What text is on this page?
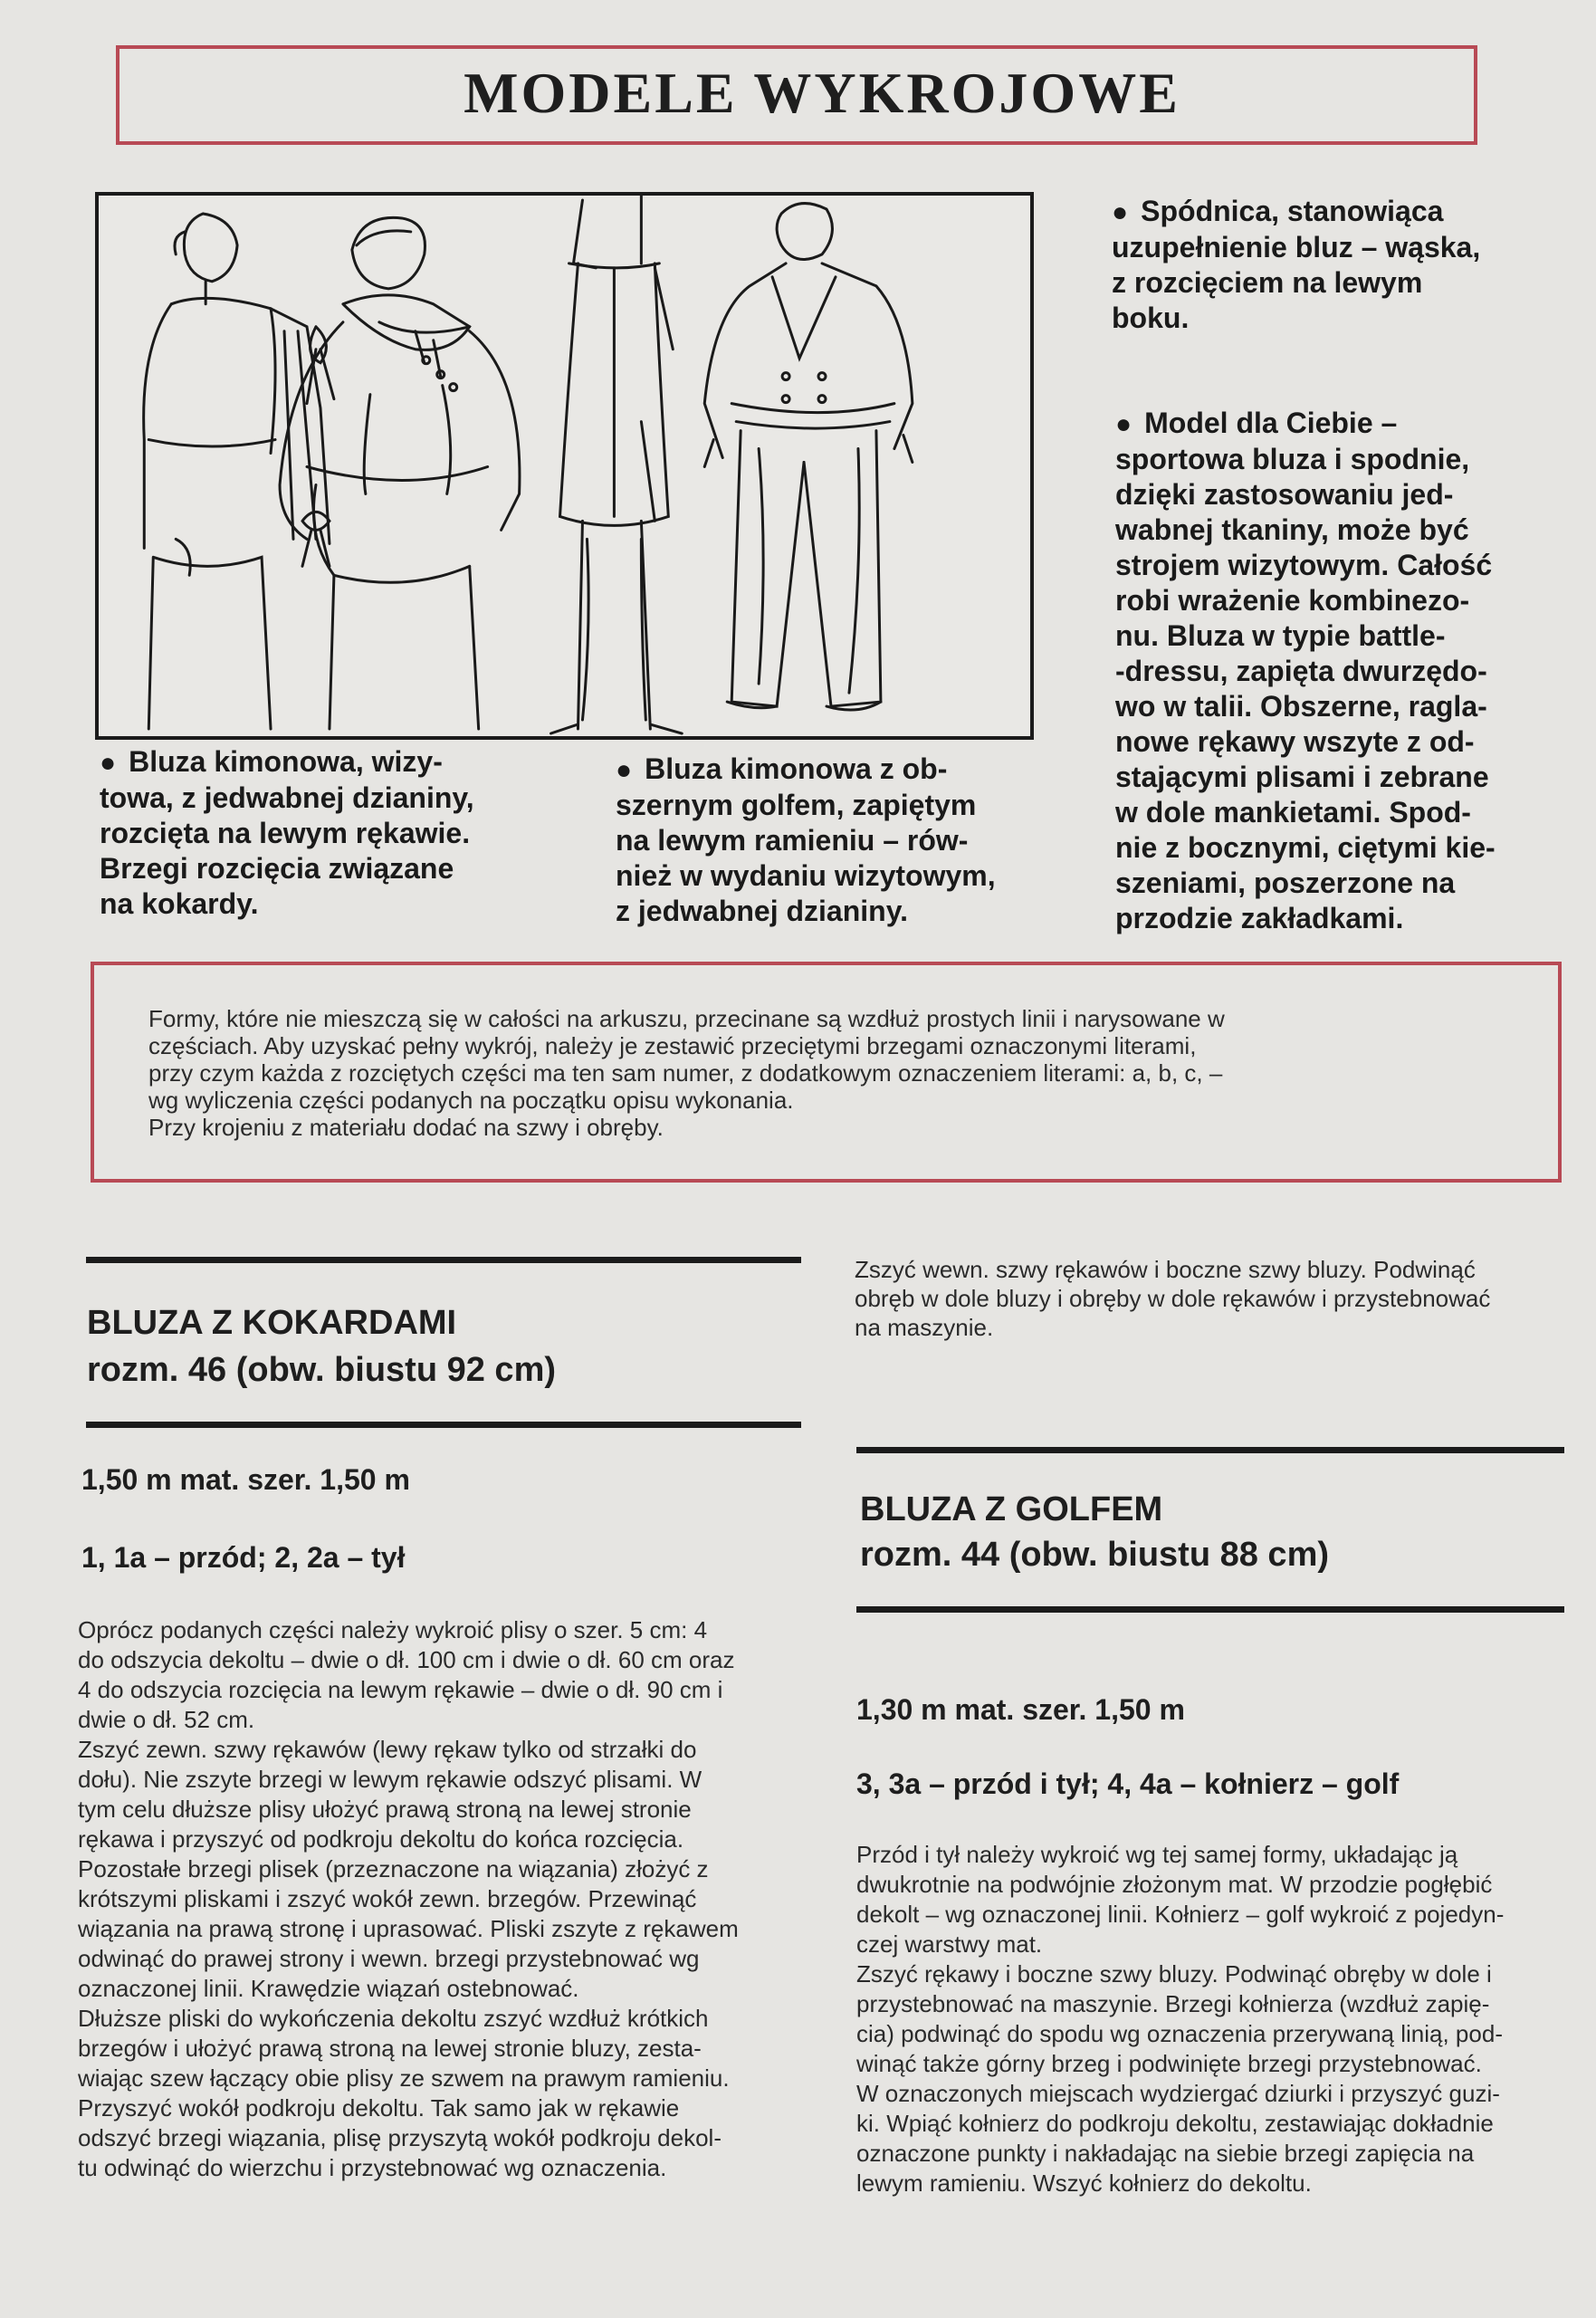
MODELE WYKROJOWE
● Bluza kimonowa, wizy-
towa, z jedwabnej dzianiny,
rozcięta na lewym rękawie.
Brzegi rozcięcia związane
na kokardy.
● Bluza kimonowa z ob-
szernym golfem, zapiętym
na lewym ramieniu – rów-
nież w wydaniu wizytowym,
z jedwabnej dzianiny.
● Spódnica, stanowiąca
uzupełnienie bluz – wąska,
z rozcięciem na lewym
boku.
● Model dla Ciebie –
sportowa bluza i spodnie,
dzięki zastosowaniu jed-
wabnej tkaniny, może być
strojem wizytowym. Całość
robi wrażenie kombinezo-
nu. Bluza w typie battle-
-dressu, zapięta dwurzędo-
wo w talii. Obszerne, ragla-
nowe rękawy wszyte z od-
stającymi plisami i zebrane
w dole mankietami. Spod-
nie z bocznymi, ciętymi kie-
szeniami, poszerzone na
przodzie zakładkami.

Formy, które nie mieszczą się w całości na arkuszu, przecinane są wzdłuż prostych linii i narysowane w

częściach. Aby uzyskać pełny wykrój, należy je zestawić przeciętymi brzegami oznaczonymi literami,

przy czym każda z rozciętych części ma ten sam numer, z dodatkowym oznaczeniem literami: a, b, c, –

wg wyliczenia części podanych na początku opisu wykonania.

Przy krojeniu z materiału dodać na szwy i obręby.

BLUZA Z KOKARDAMI
rozm. 46 (obw. biustu 92 cm)
1,50 m mat. szer. 1,50 m
1, 1a – przód; 2, 2a – tył

Oprócz podanych części należy wykroić plisy o szer. 5 cm: 4
do odszycia dekoltu – dwie o dł. 100 cm i dwie o dł. 60 cm oraz
4 do odszycia rozcięcia na lewym rękawie – dwie o dł. 90 cm i
dwie o dł. 52 cm.

Zszyć zewn. szwy rękawów (lewy rękaw tylko od strzałki do
dołu). Nie zszyte brzegi w lewym rękawie odszyć plisami. W
tym celu dłuższe plisy ułożyć prawą stroną na lewej stronie
rękawa i przyszyć od podkroju dekoltu do końca rozcięcia.
Pozostałe brzegi plisek (przeznaczone na wiązania) złożyć z
krótszymi pliskami i zszyć wokół zewn. brzegów. Przewinąć
wiązania na prawą stronę i uprasować. Pliski zszyte z rękawem
odwinąć do prawej strony i wewn. brzegi przystebnować wg
oznaczonej linii. Krawędzie wiązań ostebnować.

Dłuższe pliski do wykończenia dekoltu zszyć wzdłuż krótkich
brzegów i ułożyć prawą stroną na lewej stronie bluzy, zesta-
wiając szew łączący obie plisy ze szwem na prawym ramieniu.
Przyszyć wokół podkroju dekoltu. Tak samo jak w rękawie
odszyć brzegi wiązania, plisę przyszytą wokół podkroju dekol-
tu odwinąć do wierzchu i przystebnować wg oznaczenia.

Zszyć wewn. szwy rękawów i boczne szwy bluzy. Podwinąć
obręb w dole bluzy i obręby w dole rękawów i przystebnować
na maszynie.

BLUZA Z GOLFEM
rozm. 44 (obw. biustu 88 cm)
1,30 m mat. szer. 1,50 m
3, 3a – przód i tył; 4, 4a – kołnierz – golf

Przód i tył należy wykroić wg tej samej formy, układając ją
dwukrotnie na podwójnie złożonym mat. W przodzie pogłębić
dekolt – wg oznaczonej linii. Kołnierz – golf wykroić z pojedyn-
czej warstwy mat.

Zszyć rękawy i boczne szwy bluzy. Podwinąć obręby w dole i
przystebnować na maszynie. Brzegi kołnierza (wzdłuż zapię-
cia) podwinąć do spodu wg oznaczenia przerywaną linią, pod-
winąć także górny brzeg i podwinięte brzegi przystebnować.
W oznaczonych miejscach wydziergać dziurki i przyszyć guzi-
ki. Wpiąć kołnierz do podkroju dekoltu, zestawiając dokładnie
oznaczone punkty i nakładając na siebie brzegi zapięcia na
lewym ramieniu. Wszyć kołnierz do dekoltu.
